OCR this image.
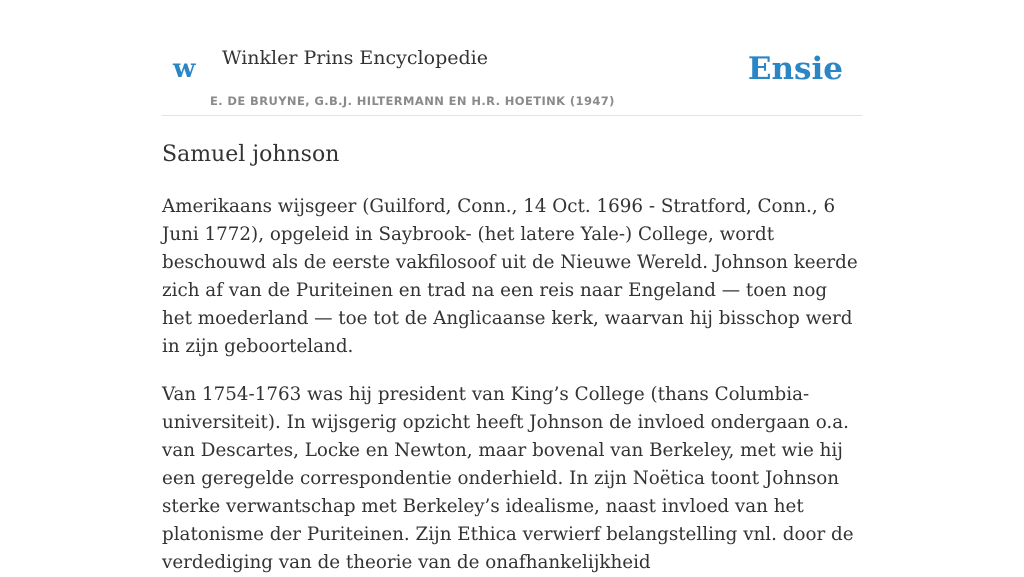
w Winkler Prins Encyclopedie
E. DE BRUYNE, G.B.J. HILTERMANN EN H.R. HOETINK (1947)
Ensie
Samuel johnson

Amerikaans wijsgeer (Guilford, Conn., 14 Oct. 1696 - Stratford, Conn., 6 Juni 1772), opgeleid in Saybrook- (het latere Yale-) College, wordt beschouwd als de eerste vakfilosoof uit de Nieuwe Wereld. Johnson keerde zich af van de Puriteinen en trad na een reis naar Engeland — toen nog het moederland — toe tot de Anglicaanse kerk, waarvan hij bisschop werd in zijn geboorteland.

Van 1754-1763 was hij president van King’s College (thans Columbia-universiteit). In wijsgerig opzicht heeft Johnson de invloed ondergaan o.a. van Descartes, Locke en Newton, maar bovenal van Berkeley, met wie hij een geregelde correspondentie onderhield. In zijn Noëtica toont Johnson sterke verwantschap met Berkeley’s idealisme, naast invloed van het platonisme der Puriteinen. Zijn Ethica verwierf belangstelling vnl. door de verdediging van de theorie van de onafhankelijkheid
